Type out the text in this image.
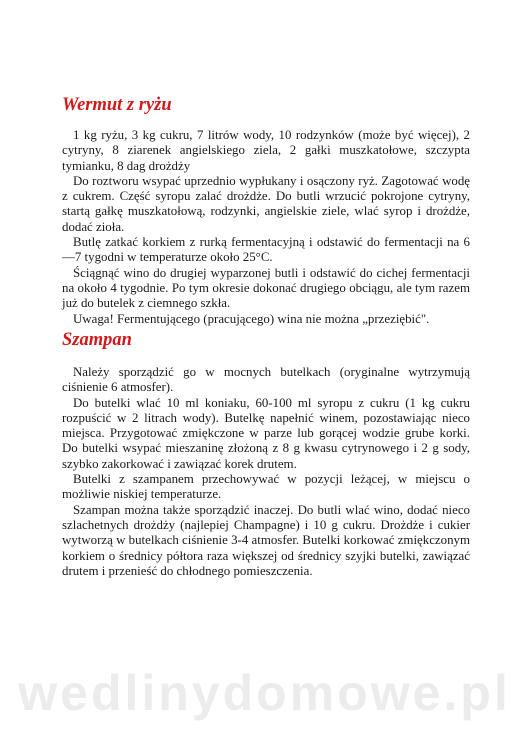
Wermut z ryżu

1 kg ryżu, 3 kg cukru, 7 litrów wody, 10 rodzynków (może być więcej), 2 cytryny, 8 ziarenek angielskiego ziela, 2 gałki muszkatołowe, szczypta tymianku, 8 dag drożdży

Do roztworu wsypać uprzednio wypłukany i osączony ryż. Zagotować wodę z cukrem. Część syropu zalać drożdże. Do butli wrzucić pokrojone cytryny, startą gałkę muszkatołową, rodzynki, angielskie ziele, wlać syrop i drożdże, dodać zioła.

Butlę zatkać korkiem z rurką fermentacyjną i odstawić do fermentacji na 6—7 tygodni w temperaturze około 25°C.

Ściągnąć wino do drugiej wyparzonej butli i odstawić do cichej fermentacji na około 4 tygodnie. Po tym okresie dokonać drugiego obciągu, ale tym razem już do butelek z ciemnego szkła.

Uwaga! Fermentującego (pracującego) wina nie można „przeziębić".

Szampan

Należy sporządzić go w mocnych butelkach (oryginalne wytrzymują ciśnienie 6 atmosfer).

Do butelki wlać 10 ml koniaku, 60-100 ml syropu z cukru (1 kg cukru rozpuścić w 2 litrach wody). Butelkę napełnić winem, pozostawiając nieco miejsca. Przygotować zmiękczone w parze lub gorącej wodzie grube korki. Do butelki wsypać mieszaninę złożoną z 8 g kwasu cytrynowego i 2 g sody, szybko zakorkować i zawiązać korek drutem.

Butelki z szampanem przechowywać w pozycji leżącej, w miejscu o możliwie niskiej temperaturze.

Szampan można także sporządzić inaczej. Do butli wlać wino, dodać nieco szlachetnych drożdży (najlepiej Champagne) i 10 g cukru. Drożdże i cukier wytworzą w butelkach ciśnienie 3-4 atmosfer. Butelki korkować zmiękczonym korkiem o średnicy półtora raza większej od średnicy szyjki butelki, zawiązać drutem i przenieść do chłodnego pomieszczenia.

wedlinydomowe.pl
